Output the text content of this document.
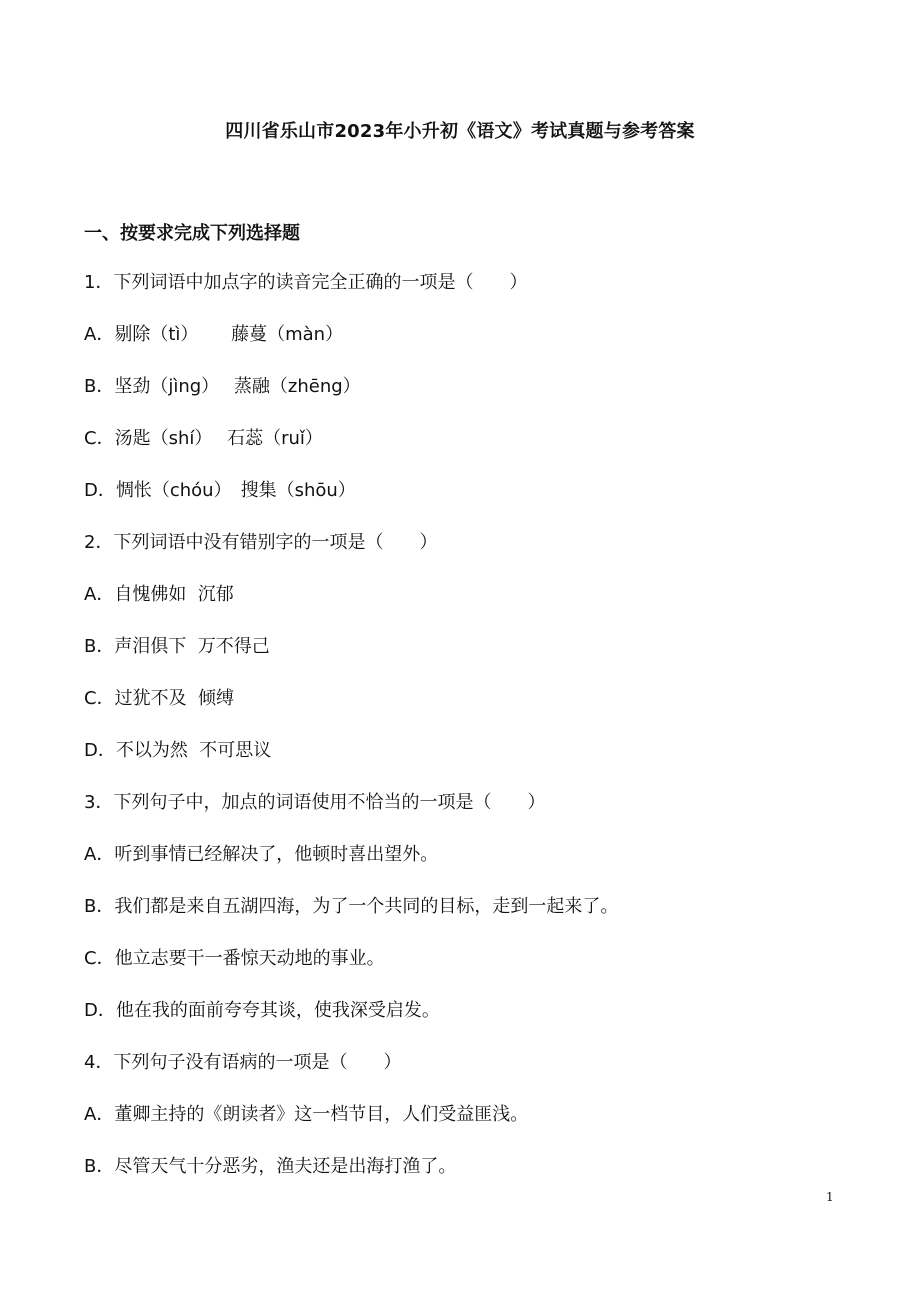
四川省乐山市2023年小升初《语文》考试真题与参考答案
一、按要求完成下列选择题
1．下列词语中加点字的读音完全正确的一项是（　　）
A．剔除（tì）　　 藤蔓（màn）
B．坚劲（jìng）　 蒸融（zhēng）
C．汤匙（shí）　 石蕊（ruǐ）
D．惆怅（chóu）　搜集（shōu）
2．下列词语中没有错别字的一项是（　　）
A．自愧佛如  沉郁
B．声泪俱下  万不得己
C．过犹不及  倾缚
D．不以为然  不可思议
3．下列句子中，加点的词语使用不恰当的一项是（　　）
A．听到事情已经解决了，他顿时喜出望外。
B．我们都是来自五湖四海，为了一个共同的目标，走到一起来了。
C．他立志要干一番惊天动地的事业。
D．他在我的面前夸夸其谈，使我深受启发。
4．下列句子没有语病的一项是（　　）
A．董卿主持的《朗读者》这一档节目，人们受益匪浅。
B．尽管天气十分恶劣，渔夫还是出海打渔了。
1
